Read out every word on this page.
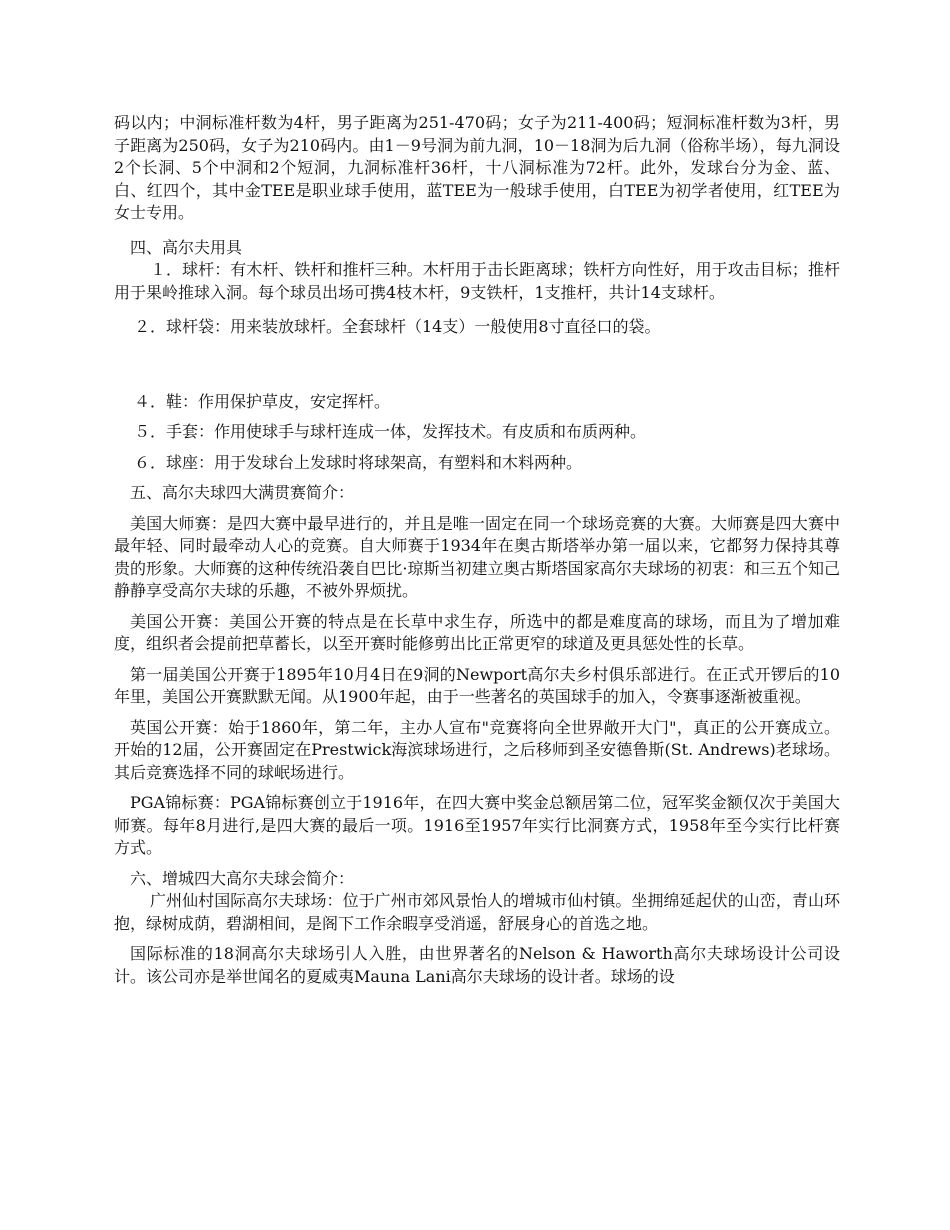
码以内；中洞标准杆数为4杆，男子距离为251-470码；女子为211-400码；短洞标准杆数为3杆，男子距离为250码，女子为210码内。由1－9号洞为前九洞，10－18洞为后九洞（俗称半场），每九洞设2个长洞、5个中洞和2个短洞，九洞标准杆36杆，十八洞标准为72杆。此外，发球台分为金、蓝、白、红四个，其中金TEE是职业球手使用，蓝TEE为一般球手使用，白TEE为初学者使用，红TEE为女士专用。

四、高尔夫用具

１．球杆：有木杆、铁杆和推杆三种。木杆用于击长距离球；铁杆方向性好，用于攻击目标；推杆用于果岭推球入洞。每个球员出场可携4枝木杆，9支铁杆，1支推杆，共计14支球杆。

２．球杆袋：用来装放球杆。全套球杆（14支）一般使用8寸直径口的袋。

４．鞋：作用保护草皮，安定挥杆。

５．手套：作用使球手与球杆连成一体，发挥技术。有皮质和布质两种。

６．球座：用于发球台上发球时将球架高，有塑料和木料两种。

五、高尔夫球四大满贯赛简介：

美国大师赛：是四大赛中最早进行的，并且是唯一固定在同一个球场竞赛的大赛。大师赛是四大赛中最年轻、同时最牵动人心的竞赛。自大师赛于1934年在奥古斯塔举办第一届以来，它都努力保持其尊贵的形象。大师赛的这种传统沿袭自巴比·琼斯当初建立奥古斯塔国家高尔夫球场的初衷：和三五个知己静静享受高尔夫球的乐趣，不被外界烦扰。

美国公开赛：美国公开赛的特点是在长草中求生存，所选中的都是难度高的球场，而且为了增加难度，组织者会提前把草蓄长，以至开赛时能修剪出比正常更窄的球道及更具惩处性的长草。

第一届美国公开赛于1895年10月4日在9洞的Newport高尔夫乡村俱乐部进行。在正式开锣后的10年里，美国公开赛默默无闻。从1900年起，由于一些著名的英国球手的加入，令赛事逐渐被重视。

英国公开赛：始于1860年，第二年，主办人宣布"竞赛将向全世界敞开大门"，真正的公开赛成立。开始的12届，公开赛固定在Prestwick海滨球场进行，之后移师到圣安德鲁斯(St. Andrews)老球场。其后竞赛选择不同的球岷场进行。

PGA锦标赛：PGA锦标赛创立于1916年，在四大赛中奖金总额居第二位，冠军奖金额仅次于美国大师赛。每年8月进行,是四大赛的最后一项。1916至1957年实行比洞赛方式，1958年至今实行比杆赛方式。

六、增城四大高尔夫球会简介：

广州仙村国际高尔夫球场：位于广州市郊风景怡人的增城市仙村镇。坐拥绵延起伏的山峦，青山环抱，绿树成荫，碧湖相间，是阁下工作余暇享受消遥，舒展身心的首选之地。

国际标准的18洞高尔夫球场引人入胜，由世界著名的Nelson & Haworth高尔夫球场设计公司设计。该公司亦是举世闻名的夏威夷Mauna Lani高尔夫球场的设计者。球场的设
